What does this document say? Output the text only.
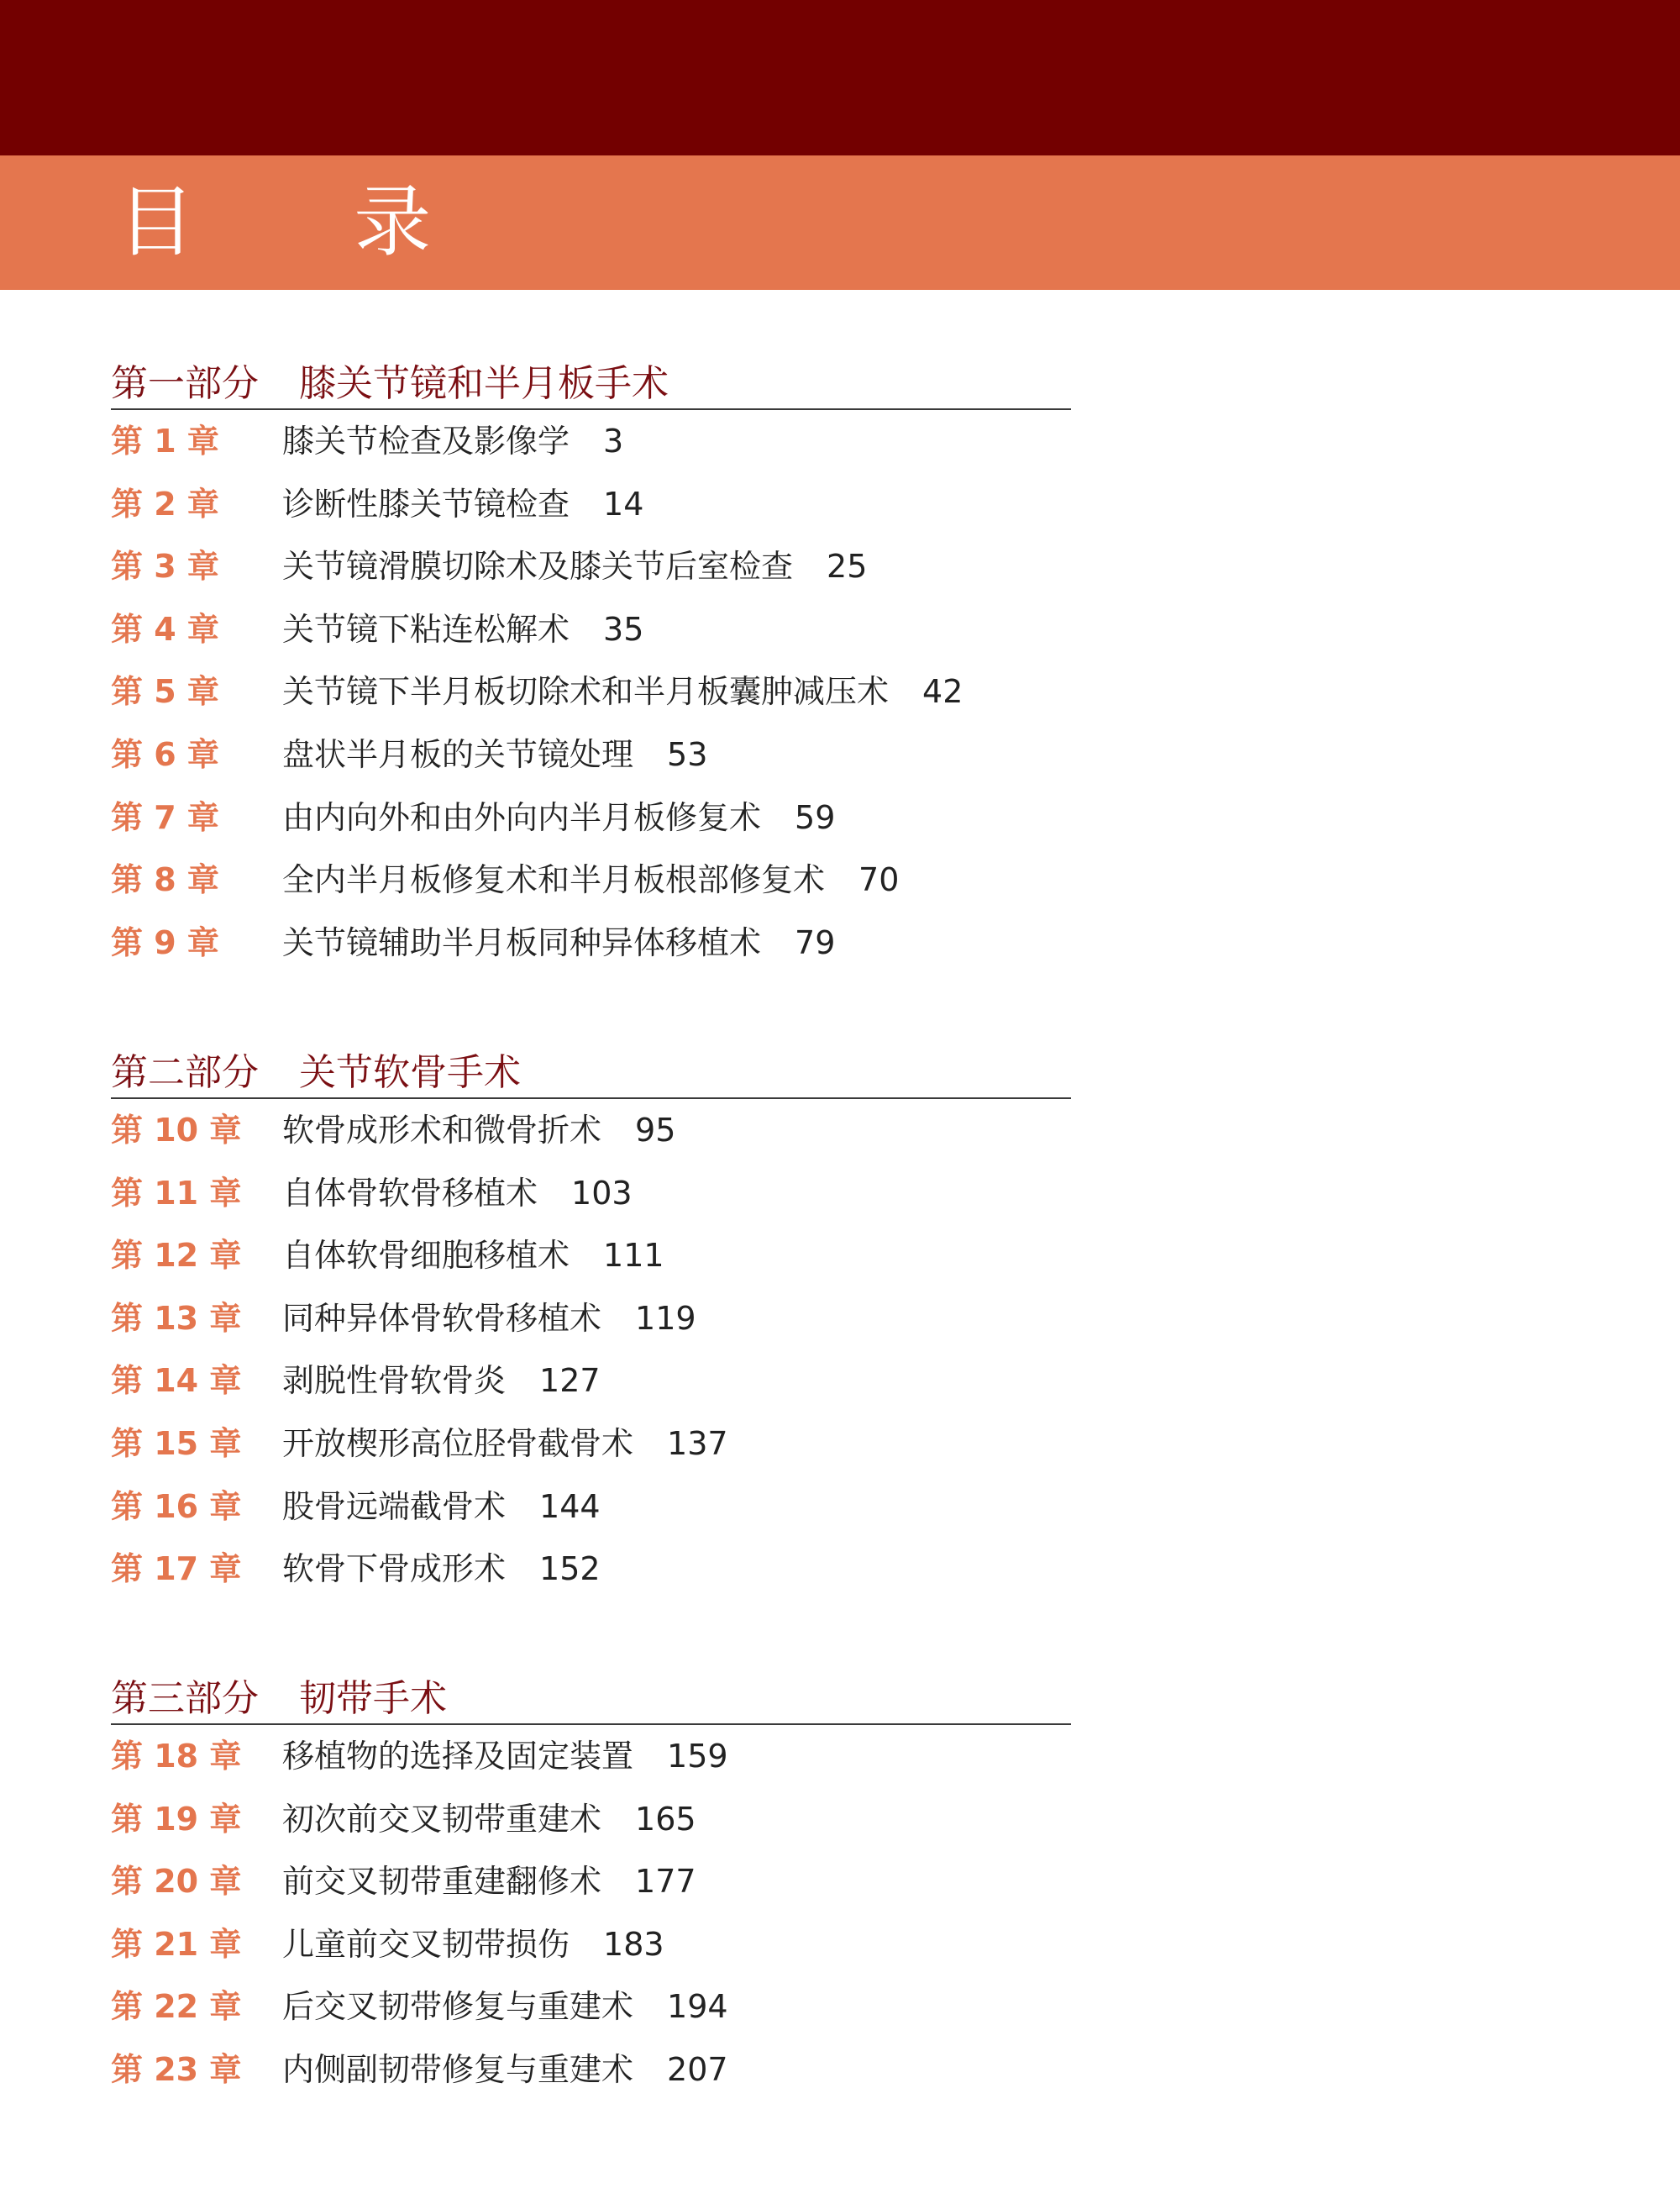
目 录
第一部分 膝关节镜和半月板手术
第 1 章 膝关节检查及影像学 3
第 2 章 诊断性膝关节镜检查 14
第 3 章 关节镜滑膜切除术及膝关节后室检查 25
第 4 章 关节镜下粘连松解术 35
第 5 章 关节镜下半月板切除术和半月板囊肿减压术 42
第 6 章 盘状半月板的关节镜处理 53
第 7 章 由内向外和由外向内半月板修复术 59
第 8 章 全内半月板修复术和半月板根部修复术 70
第 9 章 关节镜辅助半月板同种异体移植术 79
第二部分 关节软骨手术
第 10 章 软骨成形术和微骨折术 95
第 11 章 自体骨软骨移植术 103
第 12 章 自体软骨细胞移植术 111
第 13 章 同种异体骨软骨移植术 119
第 14 章 剥脱性骨软骨炎 127
第 15 章 开放楔形高位胫骨截骨术 137
第 16 章 股骨远端截骨术 144
第 17 章 软骨下骨成形术 152
第三部分 韧带手术
第 18 章 移植物的选择及固定装置 159
第 19 章 初次前交叉韧带重建术 165
第 20 章 前交叉韧带重建翻修术 177
第 21 章 儿童前交叉韧带损伤 183
第 22 章 后交叉韧带修复与重建术 194
第 23 章 内侧副韧带修复与重建术 207
